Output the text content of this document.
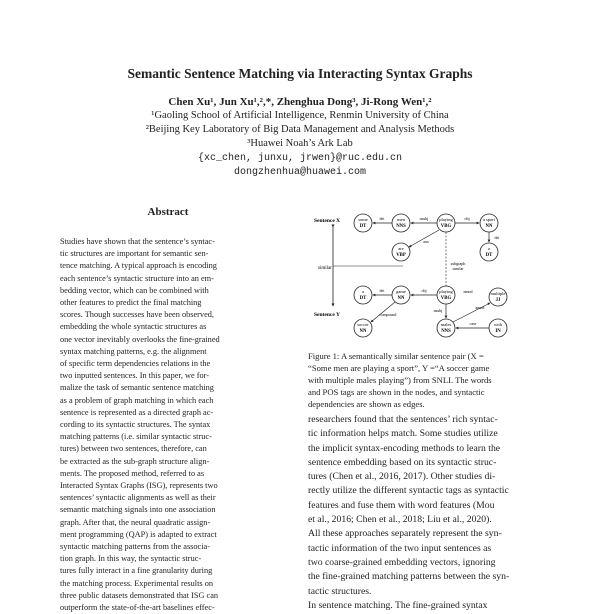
Semantic Sentence Matching via Interacting Syntax Graphs
Chen Xu¹, Jun Xu¹,²,*, Zhenghua Dong³, Ji-Rong Wen¹,²
¹Gaoling School of Artificial Intelligence, Renmin University of China
²Beijing Key Laboratory of Big Data Management and Analysis Methods
³Huawei Noah’s Ark Lab
{xc_chen, junxu, jrwen}@ruc.edu.cn
dongzhenhua@huawei.com
Abstract
Studies have shown that the sentence’s syntac-
tic structures are important for semantic sen-
tence matching. A typical approach is encoding
each sentence’s syntactic structure into an em-
bedding vector, which can be combined with
other features to predict the final matching
scores. Though successes have been observed,
embedding the whole syntactic structures as
one vector inevitably overlooks the fine-grained
syntax matching patterns, e.g. the alignment
of specific term dependencies relations in the
two inputted sentences. In this paper, we for-
malize the task of semantic sentence matching
as a problem of graph matching in which each
sentence is represented as a directed graph ac-
cording to its syntactic structures. The syntax
matching patterns (i.e. similar syntactic struc-
tures) between two sentences, therefore, can
be extracted as the sub-graph structure align-
ments. The proposed method, referred to as
Interacted Syntax Graphs (ISG), represents two
sentences’ syntactic alignments as well as their
semantic matching signals into one association
graph. After that, the neural quadratic assign-
ment programming (QAP) is adapted to extract
syntactic matching patterns from the associa-
tion graph. In this way, the syntactic struc-
tures fully interact in a fine granularity during
the matching process. Experimental results on
three public datasets demonstrated that ISG can
outperform the state-of-the-art baselines effec-
Sentence X
Sentence Y
similar
some
DT
men
NNS
playing
VBG
a sport
NN
are
VBP
a
DT
det	nsubj	obj
aux
det
subgraph
similar
a
DT
game
NN
playing
VBG
multiple
JJ
soccer
NN
males
NNS
with
IN
det	obj
compound
nsubj
amod
case
nmod
Figure 1: A semantically similar sentence pair (X =
“Some men are playing a sport”, Y =“A soccer game
with multiple males playing”) from SNLI. The words
and POS tags are shown in the nodes, and syntactic
dependencies are shown as edges.
researchers found that the sentences’ rich syntac-
tic information helps match. Some studies utilize
the implicit syntax-encoding methods to learn the
sentence embedding based on its syntactic struc-
tures (Chen et al., 2016, 2017). Other studies di-
rectly utilize the different syntactic tags as syntactic
features and fuse them with word features (Mou
et al., 2016; Chen et al., 2018; Liu et al., 2020).
All these approaches separately represent the syn-
tactic information of the two input sentences as
two coarse-grained embedding vectors, ignoring
the fine-grained matching patterns between the syn-
tactic structures.
In sentence matching. The fine-grained syntax
